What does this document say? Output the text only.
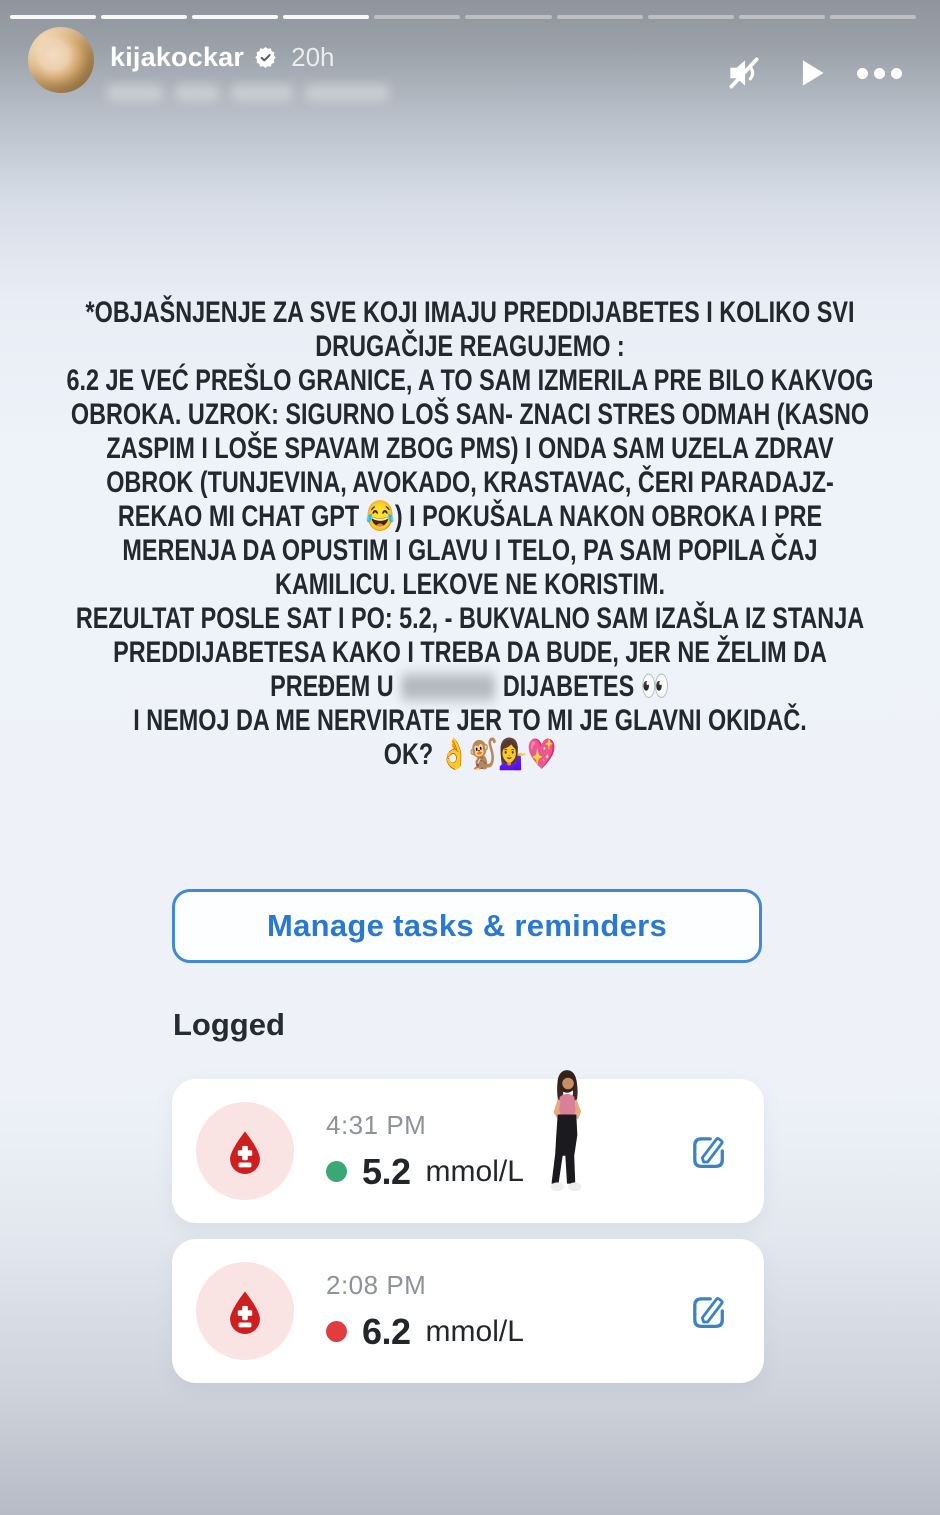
kijakockar 20h
*OBJAŠNJENJE ZA SVE KOJI IMAJU PREDDIJABETES I KOLIKO SVI
DRUGAČIJE REAGUJEMO :
6.2 JE VEĆ PREŠLO GRANICE, A TO SAM IZMERILA PRE BILO KAKVOG
OBROKA. UZROK: SIGURNO LOŠ SAN- ZNACI STRES ODMAH (KASNO
ZASPIM I LOŠE SPAVAM ZBOG PMS) I ONDA SAM UZELA ZDRAV
OBROK (TUNJEVINA, AVOKADO, KRASTAVAC, ČERI PARADAJZ-
REKAO MI CHAT GPT 😂) I POKUŠALA NAKON OBROKA I PRE
MERENJA DA OPUSTIM I GLAVU I TELO, PA SAM POPILA ČAJ
KAMILICU. LEKOVE NE KORISTIM.
REZULTAT POSLE SAT I PO: 5.2, - BUKVALNO SAM IZAŠLA IZ STANJA
PREDDIJABETESA KAKO I TREBA DA BUDE, JER NE ŽELIM DA
PREĐEM U	DIJABETES 👀
I NEMOJ DA ME NERVIRATE JER TO MI JE GLAVNI OKIDAČ.
OK? 👌🐒💁‍♀️💖
Manage tasks & reminders
Logged
4:31 PM
5.2 mmol/L
2:08 PM
6.2 mmol/L
